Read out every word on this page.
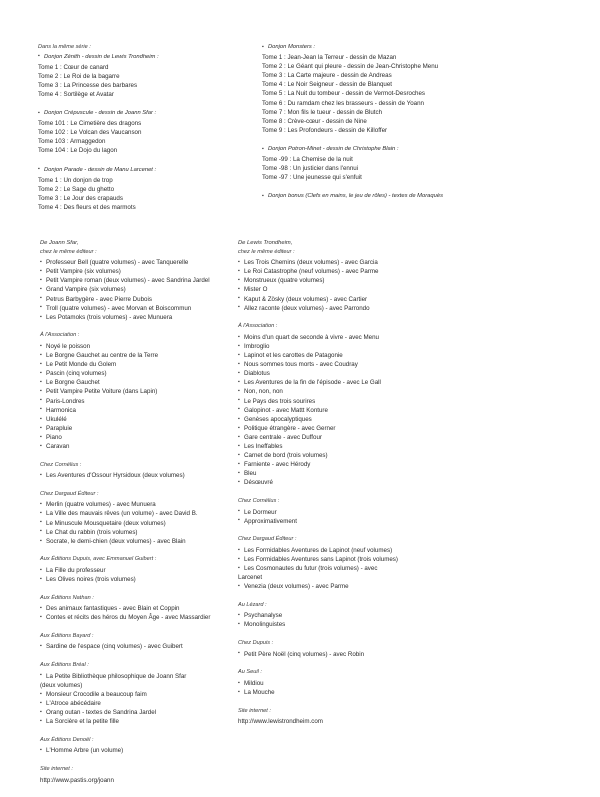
Dans la même série :
▪ Donjon Zénith - dessin de Lewis Trondheim :
Tome 1 : Cœur de canard
Tome 2 : Le Roi de la bagarre
Tome 3 : La Princesse des barbares
Tome 4 : Sortilège et Avatar
▪ Donjon Crépuscule - dessin de Joann Sfar :
Tome 101 : Le Cimetière des dragons
Tome 102 : Le Volcan des Vaucanson
Tome 103 : Armaggedon
Tome 104 : Le Dojo du lagon
▪ Donjon Parade - dessin de Manu Larcenet :
Tome 1 : Un donjon de trop
Tome 2 : Le Sage du ghetto
Tome 3 : Le Jour des crapauds
Tome 4 : Des fleurs et des marmots
▪ Donjon Monsters :
Tome 1 : Jean-Jean la Terreur - dessin de Mazan
Tome 2 : Le Géant qui pleure - dessin de Jean-Christophe Menu
Tome 3 : La Carte majeure - dessin de Andreas
Tome 4 : Le Noir Seigneur - dessin de Blanquet
Tome 5 : La Nuit du tombeur - dessin de Vermot-Desroches
Tome 6 : Du ramdam chez les brasseurs - dessin de Yoann
Tome 7 : Mon fils le tueur - dessin de Blutch
Tome 8 : Crève-cœur - dessin de Nine
Tome 9 : Les Profondeurs - dessin de Killoffer
▪ Donjon Potron-Minet - dessin de Christophe Blain :
Tome -99 : La Chemise de la nuit
Tome -98 : Un justicier dans l'ennui
Tome -97 : Une jeunesse qui s'enfuit
▪ Donjon bonus (Clefs en mains, le jeu de rôles) - textes de Moraquès
De Joann Sfar,
chez le même éditeur :
▪ Professeur Bell (quatre volumes) - avec Tanquerelle
▪ Petit Vampire (six volumes)
▪ Petit Vampire roman (deux volumes) - avec Sandrina Jardel
▪ Grand Vampire (six volumes)
▪ Petrus Barbygère - avec Pierre Dubois
▪ Troll (quatre volumes) - avec Morvan et Boiscommun
▪ Les Potamoks (trois volumes) - avec Munuera
À l'Association :
▪ Noyé le poisson
▪ Le Borgne Gauchet au centre de la Terre
▪ Le Petit Monde du Golem
▪ Pascin (cinq volumes)
▪ Le Borgne Gauchet
▪ Petit Vampire Petite Voiture (dans Lapin)
▪ Paris-Londres
▪ Harmonica
▪ Ukulélé
▪ Parapluie
▪ Piano
▪ Caravan
Chez Cornélius :
▪ Les Aventures d'Ossour Hyrsidoux (deux volumes)
Chez Dargaud Éditeur :
▪ Merlin (quatre volumes) - avec Munuera
▪ La Ville des mauvais rêves (un volume) - avec David B.
▪ Le Minuscule Mousquetaire (deux volumes)
▪ Le Chat du rabbin (trois volumes)
▪ Socrate, le demi-chien (deux volumes) - avec Blain
Aux Éditions Dupuis, avec Emmanuel Guibert :
▪ La Fille du professeur
▪ Les Olives noires (trois volumes)
Aux Éditions Nathan :
▪ Des animaux fantastiques - avec Blain et Coppin
▪ Contes et récits des héros du Moyen Âge - avec Massardier
Aux Éditions Bayard :
▪ Sardine de l'espace (cinq volumes) - avec Guibert
Aux Éditions Bréal :
▪ La Petite Bibliothèque philosophique de Joann Sfar
(deux volumes)
▪ Monsieur Crocodile a beaucoup faim
▪ L'Atroce abécédaire
▪ Orang outan - textes de Sandrina Jardel
▪ La Sorcière et la petite fille
Aux Éditions Denoël :
▪ L'Homme Arbre (un volume)
Site internet :
http://www.pastis.org/joann
De Lewis Trondheim,
chez le même éditeur :
▪ Les Trois Chemins (deux volumes) - avec Garcia
▪ Le Roi Catastrophe (neuf volumes) - avec Parme
▪ Monstrueux (quatre volumes)
▪ Mister O
▪ Kaput & Zösky (deux volumes) - avec Cartier
▪ Allez raconte (deux volumes) - avec Parrondo
À l'Association :
▪ Moins d'un quart de seconde à vivre - avec Menu
▪ Imbroglio
▪ Lapinot et les carottes de Patagonie
▪ Nous sommes tous morts - avec Coudray
▪ Diablotus
▪ Les Aventures de la fin de l'épisode - avec Le Gall
▪ Non, non, non
▪ Le Pays des trois sourires
▪ Galopinot - avec Mattt Konture
▪ Genèses apocalyptiques
▪ Politique étrangère - avec Gerner
▪ Gare centrale - avec Duffour
▪ Les Ineffables
▪ Carnet de bord (trois volumes)
▪ Farniente - avec Hérody
▪ Bleu
▪ Désœuvré
Chez Cornélius :
▪ Le Dormeur
▪ Approximativement
Chez Dargaud Éditeur :
▪ Les Formidables Aventures de Lapinot (neuf volumes)
▪ Les Formidables Aventures sans Lapinot (trois volumes)
▪ Les Cosmonautes du futur (trois volumes) - avec
Larcenet
▪ Venezia (deux volumes) - avec Parme
Au Lézard :
▪ Psychanalyse
▪ Monolinguistes
Chez Dupuis :
▪ Petit Père Noël (cinq volumes) - avec Robin
Au Seuil :
▪ Mildiou
▪ La Mouche
Site internet :
http://www.lewistrondheim.com
